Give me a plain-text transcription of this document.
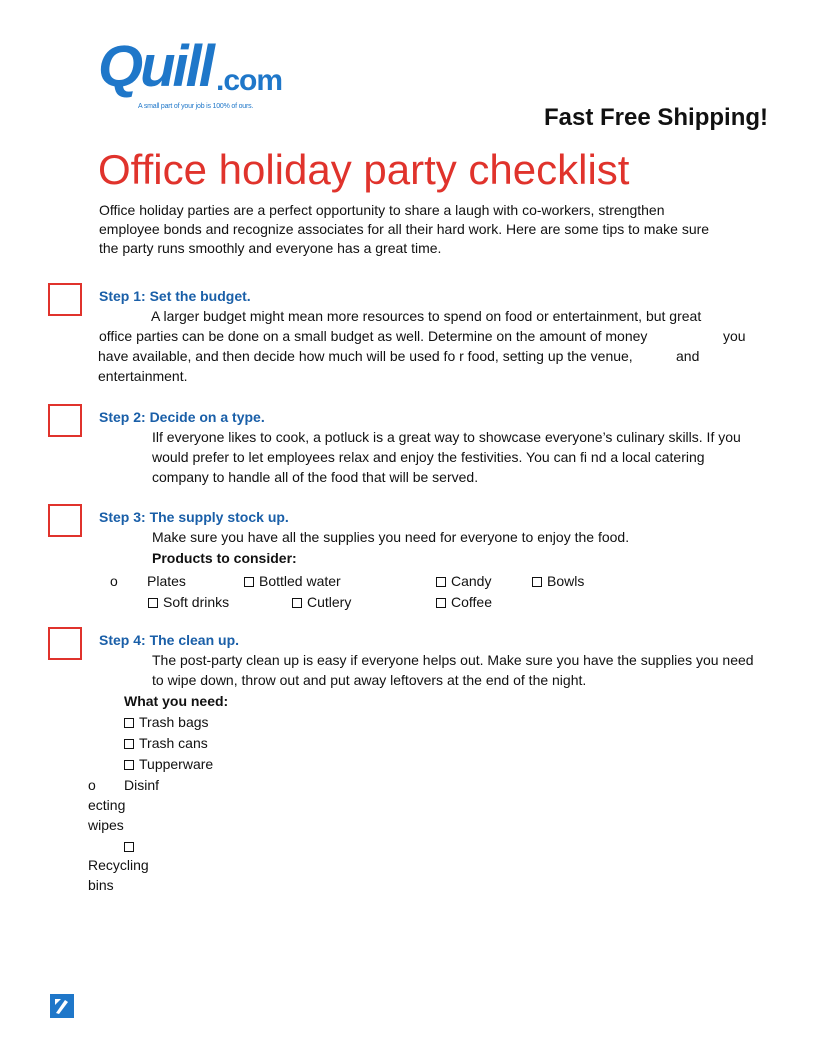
Quill .com
A small part of your job is 100% of ours.	Fast Free Shipping!
Office holiday party checklist
Office holiday parties are a perfect opportunity to share a laugh with co-workers, strengthen
employee bonds and recognize associates for all their hard work. Here are some tips to make sure
the party runs smoothly and everyone has a great time.
Step 1: Set the budget.
A larger budget might mean more resources to spend on food or entertainment, but great
office parties can be done on a small budget as well. Determine on the amount of money	you
have available, and then decide how much will be used fo r food, setting up the venue,	and
entertainment.
Step 2: Decide on a type.
Ilf everyone likes to cook, a potluck is a great way to showcase everyone’s culinary skills. If you
would prefer to let employees relax and enjoy the festivities. You can fi nd a local catering
company to handle all of the food that will be served.
Step 3: The supply stock up.
Make sure you have all the supplies you need for everyone to enjoy the food.
Products to consider:
o Plates	Bottled water	Candy	Bowls
Soft drinks	Cutlery	Coffee
Step 4: The clean up.
The post-party clean up is easy if everyone helps out. Make sure you have the supplies you need
to wipe down, throw out and put away leftovers at the end of the night.
What you need:
Trash bags
Trash cans
Tupperware
o Disinf
ecting
wipes
Recycling
bins
